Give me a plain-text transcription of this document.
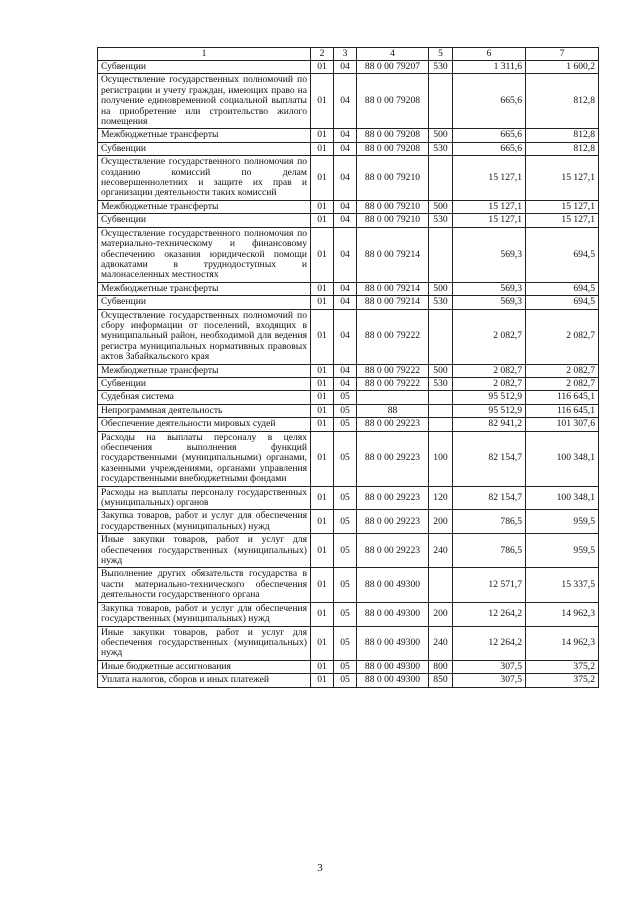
1	2	3	4	5	6	7
Субвенции	01	04	88 0 00 79207	530	1 311,6	1 600,2
Осуществление государственных полномочий по регистрации и учету граждан, имеющих право на получение единовременной социальной выплаты на приобретение или строительство жилого помещения	01	04	88 0 00 79208		665,6	812,8
Межбюджетные трансферты	01	04	88 0 00 79208	500	665,6	812,8
Субвенции	01	04	88 0 00 79208	530	665,6	812,8
Осуществление государственного полномочия по созданию комиссий по делам несовершеннолетних и защите их прав и организации деятельности таких комиссий	01	04	88 0 00 79210		15 127,1	15 127,1
Межбюджетные трансферты	01	04	88 0 00 79210	500	15 127,1	15 127,1
Субвенции	01	04	88 0 00 79210	530	15 127,1	15 127,1
Осуществление государственного полномочия по материально-техническому и финансовому обеспечению оказания юридической помощи адвокатами в труднодоступных и малонаселенных местностях	01	04	88 0 00 79214		569,3	694,5
Межбюджетные трансферты	01	04	88 0 00 79214	500	569,3	694,5
Субвенции	01	04	88 0 00 79214	530	569,3	694,5
Осуществление государственных полномочий по сбору информации от поселений, входящих в муниципальный район, необходимой для ведения регистра муниципальных нормативных правовых актов Забайкальского края	01	04	88 0 00 79222		2 082,7	2 082,7
Межбюджетные трансферты	01	04	88 0 00 79222	500	2 082,7	2 082,7
Субвенции	01	04	88 0 00 79222	530	2 082,7	2 082,7
Судебная система	01	05			95 512,9	116 645,1
Непрограммная деятельность	01	05	88		95 512,9	116 645,1
Обеспечение деятельности мировых судей	01	05	88 0 00 29223		82 941,2	101 307,6
Расходы на выплаты персоналу в целях обеспечения выполнения функций государственными (муниципальными) органами, казенными учреждениями, органами управления государственными внебюджетными фондами	01	05	88 0 00 29223	100	82 154,7	100 348,1
Расходы на выплаты персоналу государственных (муниципальных) органов	01	05	88 0 00 29223	120	82 154,7	100 348,1
Закупка товаров, работ и услуг для обеспечения государственных (муниципальных) нужд	01	05	88 0 00 29223	200	786,5	959,5
Иные закупки товаров, работ и услуг для обеспечения государственных (муниципальных) нужд	01	05	88 0 00 29223	240	786,5	959,5
Выполнение других обязательств государства в части материально-технического обеспечения деятельности государственного органа	01	05	88 0 00 49300		12 571,7	15 337,5
Закупка товаров, работ и услуг для обеспечения государственных (муниципальных) нужд	01	05	88 0 00 49300	200	12 264,2	14 962,3
Иные закупки товаров, работ и услуг для обеспечения государственных (муниципальных) нужд	01	05	88 0 00 49300	240	12 264,2	14 962,3
Иные бюджетные ассигнования	01	05	88 0 00 49300	800	307,5	375,2
Уплата налогов, сборов и иных платежей	01	05	88 0 00 49300	850	307,5	375,2
3
